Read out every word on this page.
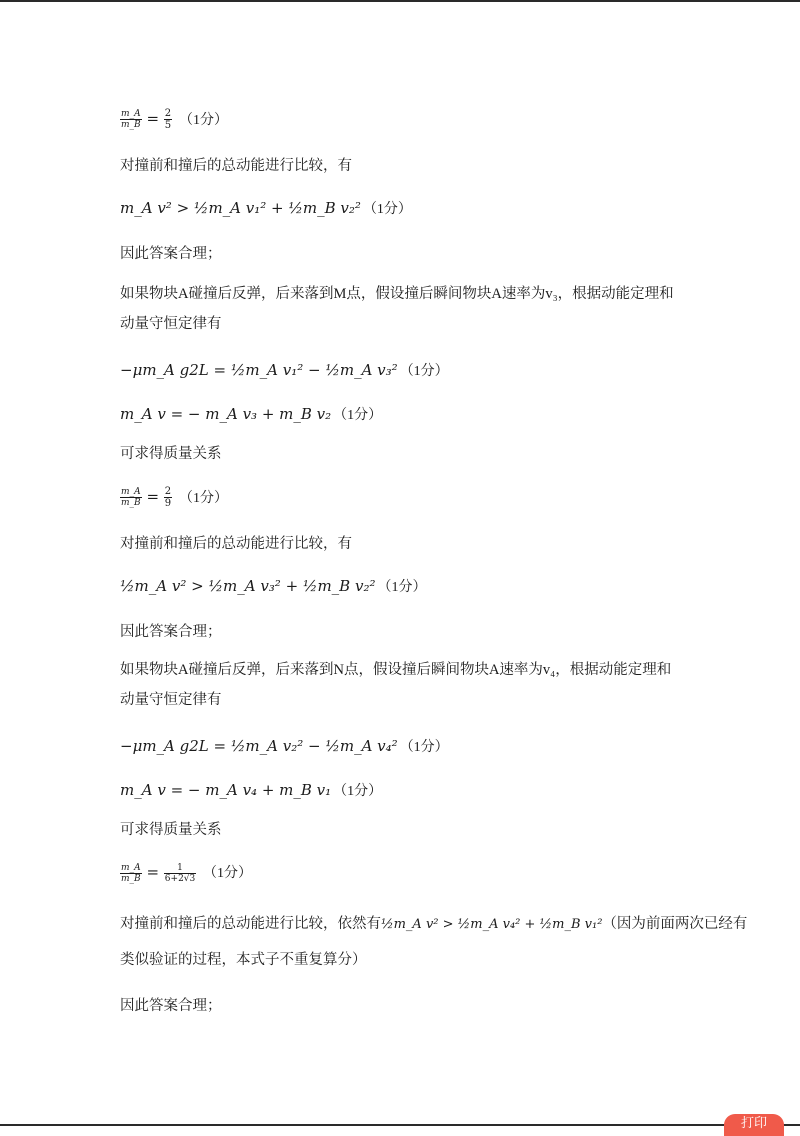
$\frac{m\_A}{m\_B} = \frac{2}{5} (1$分）
对撞前和撞后的总动能进行比较，有
m_A v² > ½m_A v₁² + ½m_B v₂² （1分）
因此答案合理；
如果物块A碰撞后反弹，后来落到M点，假设撞后瞬间物块A速率为v₃，根据动能定理和
动量守恒定律有
−μm_A g2L = ½m_A v₁² − ½m_A v₃² （1分）
m_A v = − m_A v₃ + m_B v₂ （1分）
可求得质量关系
$\frac{m\_A}{m\_B} = \frac{2}{9} (1$分）
对撞前和撞后的总动能进行比较，有
½m_A v² > ½m_A v₃² + ½m_B v₂² （1分）
因此答案合理；
如果物块A碰撞后反弹，后来落到N点，假设撞后瞬间物块A速率为v₄，根据动能定理和
动量守恒定律有
−μm_A g2L = ½m_A v₂² − ½m_A v₄² （1分）
m_A v = − m_A v₄ + m_B v₁ （1分）
可求得质量关系
$\frac{m\_A}{m\_B} = \frac{1}{6+2√3} (1$分）
对撞前和撞后的总动能进行比较，依然有½m_A v² > ½m_A v₄² + ½m_B v₁²（因为前面两次已经有
类似验证的过程，本式子不重复算分）
因此答案合理；
打印
